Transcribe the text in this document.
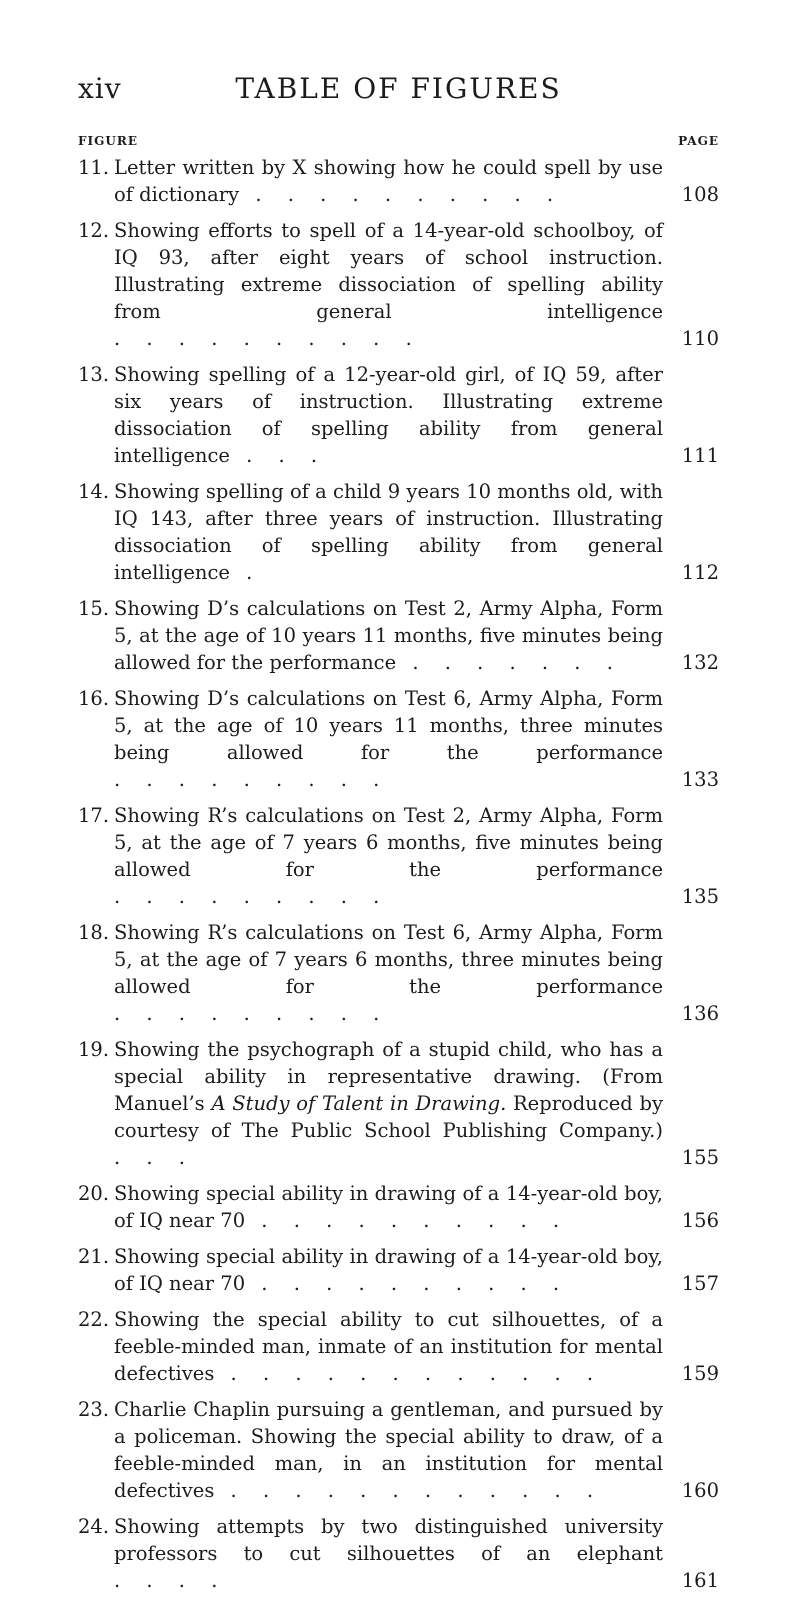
xiv	TABLE OF FIGURES
FIGURE	PAGE
11. Letter written by X showing how he could spell by use of dictionary . . . . . . . . . .	108
12. Showing efforts to spell of a 14-year-old schoolboy, of IQ 93, after eight years of school instruction. Illustrating extreme dissociation of spelling ability from general intelligence . . . . . . . . . .	110
13. Showing spelling of a 12-year-old girl, of IQ 59, after six years of instruction. Illustrating extreme dissociation of spelling ability from general intelligence . . .	111
14. Showing spelling of a child 9 years 10 months old, with IQ 143, after three years of instruction. Illustrating dissociation of spelling ability from general intelligence .	112
15. Showing D’s calculations on Test 2, Army Alpha, Form 5, at the age of 10 years 11 months, five minutes being allowed for the performance . . . . . . .	132
16. Showing D’s calculations on Test 6, Army Alpha, Form 5, at the age of 10 years 11 months, three minutes being allowed for the performance . . . . . . . . .	133
17. Showing R’s calculations on Test 2, Army Alpha, Form 5, at the age of 7 years 6 months, five minutes being allowed for the performance . . . . . . . . .	135
18. Showing R’s calculations on Test 6, Army Alpha, Form 5, at the age of 7 years 6 months, three minutes being allowed for the performance . . . . . . . . .	136
19. Showing the psychograph of a stupid child, who has a special ability in representative drawing. (From Manuel’s A Study of Talent in Drawing. Reproduced by courtesy of The Public School Publishing Company.) . . .	155
20. Showing special ability in drawing of a 14-year-old boy, of IQ near 70 . . . . . . . . . .	156
21. Showing special ability in drawing of a 14-year-old boy, of IQ near 70 . . . . . . . . . .	157
22. Showing the special ability to cut silhouettes, of a feeble-minded man, inmate of an institution for mental defectives . . . . . . . . . . . .	159
23. Charlie Chaplin pursuing a gentleman, and pursued by a policeman. Showing the special ability to draw, of a feeble-minded man, in an institution for mental defectives . . . . . . . . . . . .	160
24. Showing attempts by two distinguished university professors to cut silhouettes of an elephant . . . .	161
